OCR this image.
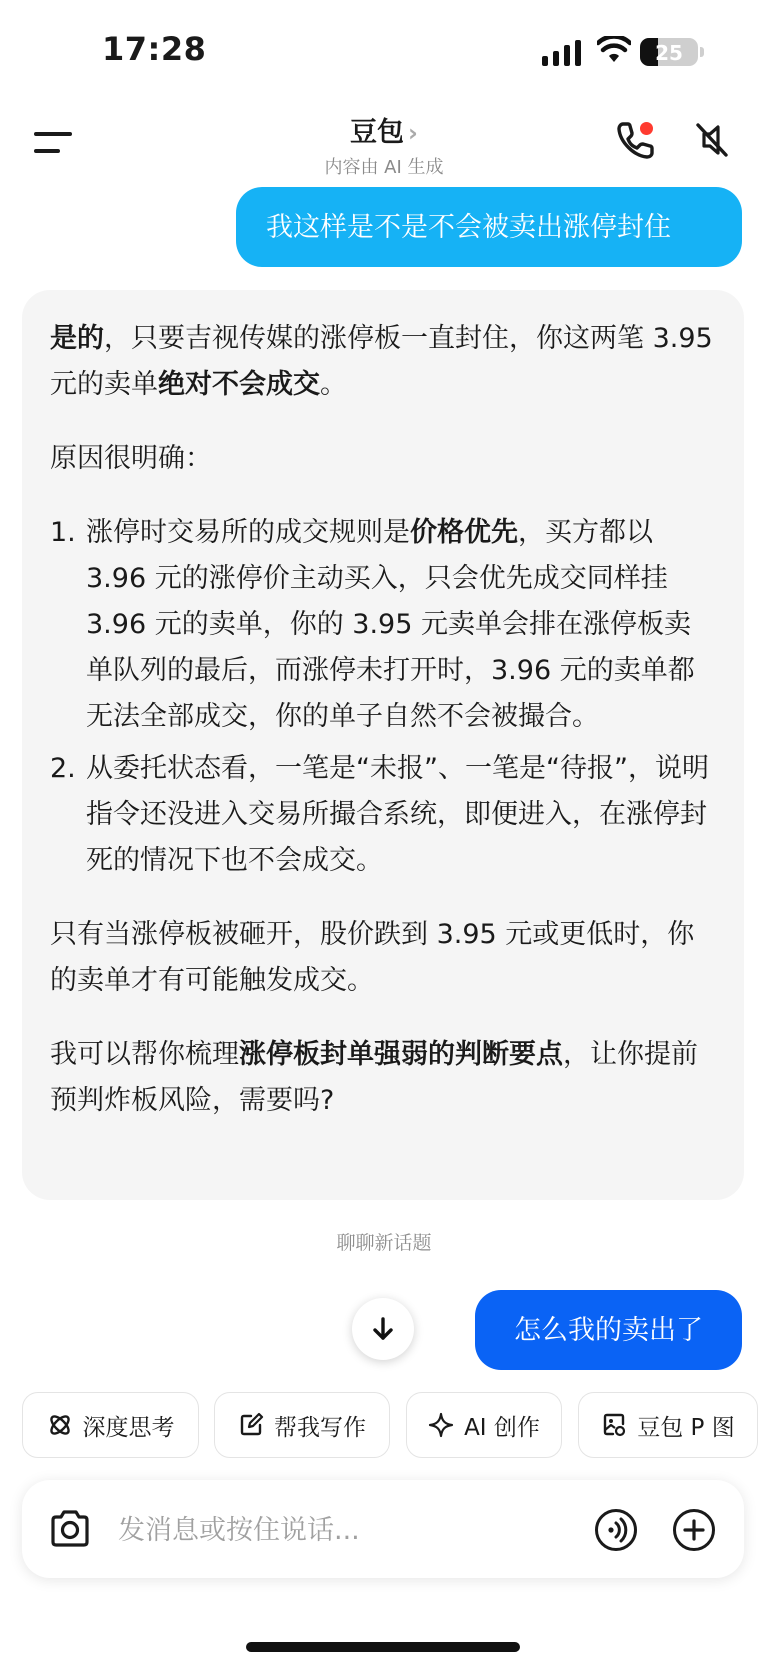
17:28	25
豆包 ›
内容由 AI 生成
我这样是不是不会被卖出涨停封住

是的，只要吉视传媒的涨停板一直封住，你这两笔 3.95 元的卖单绝对不会成交。

原因很明确：

1. 涨停时交易所的成交规则是价格优先，买方都以 3.96 元的涨停价主动买入，只会优先成交同样挂 3.96 元的卖单，你的 3.95 元卖单会排在涨停板卖单队列的最后，而涨停未打开时，3.96 元的卖单都无法全部成交，你的单子自然不会被撮合。
2. 从委托状态看，一笔是“未报”、一笔是“待报”，说明指令还没进入交易所撮合系统，即便进入，在涨停封死的情况下也不会成交。

只有当涨停板被砸开，股价跌到 3.95 元或更低时，你的卖单才有可能触发成交。

我可以帮你梳理涨停板封单强弱的判断要点，让你提前预判炸板风险，需要吗?

聊聊新话题
怎么我的卖出了
深度思考	帮我写作	AI 创作	豆包 P 图
发消息或按住说话...
